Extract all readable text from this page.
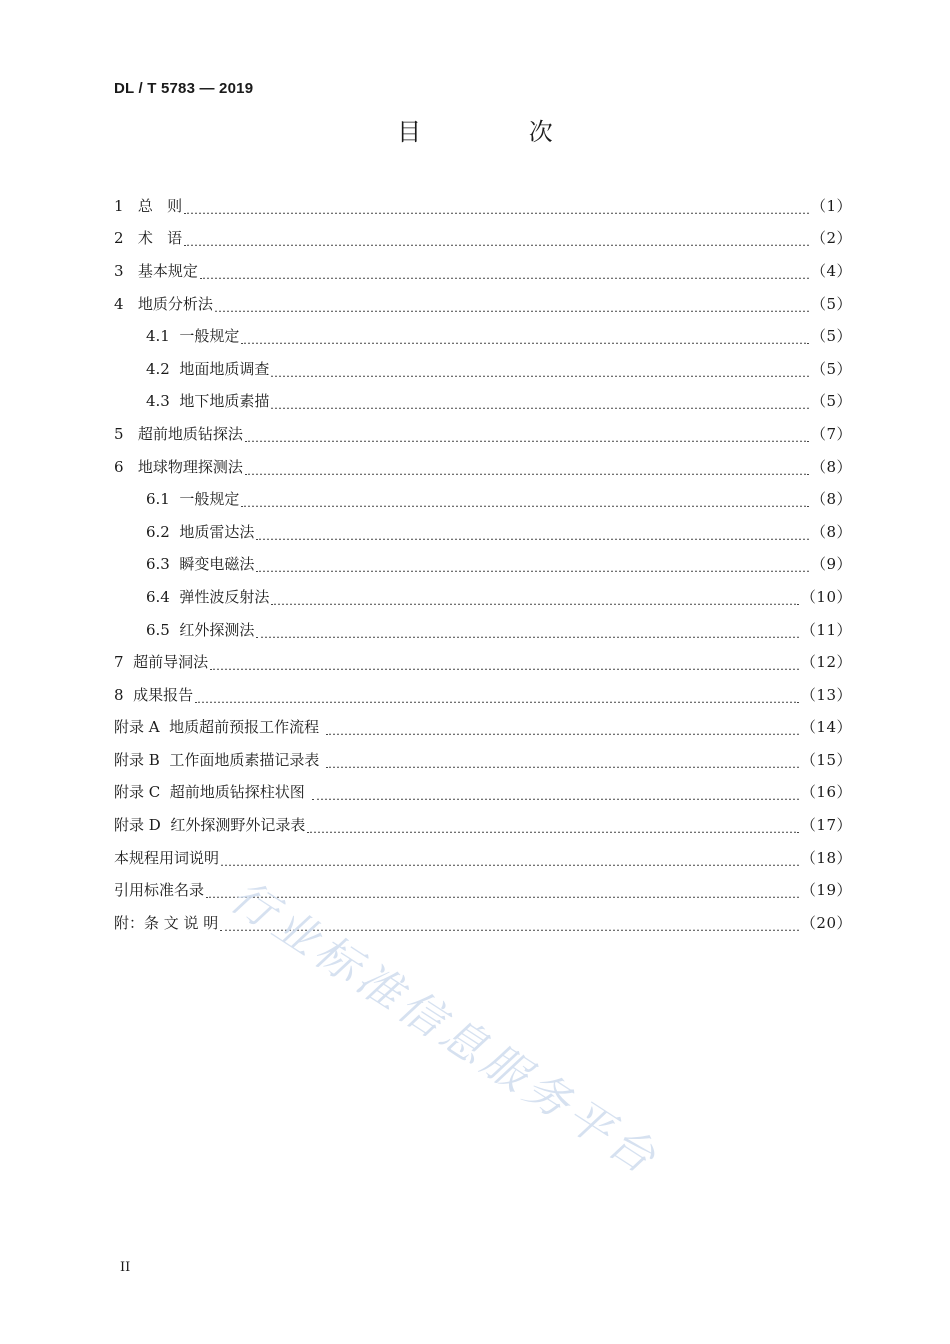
DL / T 5783 — 2019
目 次
1   总   则	（1）
2   术   语	（2）
3   基本规定	（4）
4   地质分析法	（5）
4.1  一般规定	（5）
4.2  地面地质调查	（5）
4.3  地下地质素描	（5）
5   超前地质钻探法	（7）
6   地球物理探测法	（8）
6.1  一般规定	（8）
6.2  地质雷达法	（8）
6.3  瞬变电磁法	（9）
6.4  弹性波反射法	（10）
6.5  红外探测法	（11）
7  超前导洞法	（12）
8  成果报告	（13）
附录 A  地质超前预报工作流程	（14）
附录 B  工作面地质素描记录表	（15）
附录 C  超前地质钻探柱状图	（16）
附录 D  红外探测野外记录表	（17）
本规程用词说明	（18）
引用标准名录	（19）
附：条 文 说 明	（20）
行业标准信息服务平台
II
